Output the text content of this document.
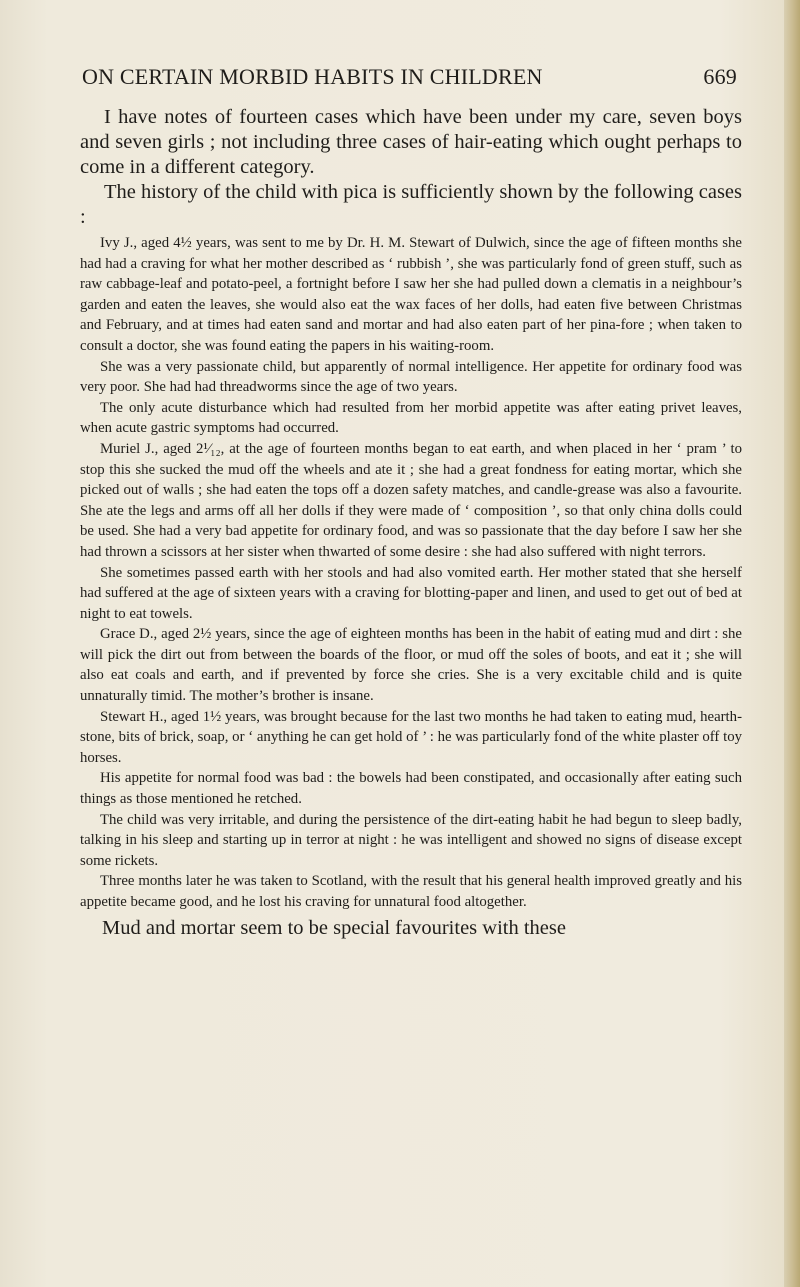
ON CERTAIN MORBID HABITS IN CHILDREN	669

I have notes of fourteen cases which have been under my care, seven boys and seven girls ; not including three cases of hair-eating which ought perhaps to come in a different category.

The history of the child with pica is sufficiently shown by the following cases :

Ivy J., aged 4½ years, was sent to me by Dr. H. M. Stewart of Dulwich, since the age of fifteen months she had had a craving for what her mother described as ‘ rubbish ’, she was particularly fond of green stuff, such as raw cabbage-leaf and potato-peel, a fortnight before I saw her she had pulled down a clematis in a neighbour’s garden and eaten the leaves, she would also eat the wax faces of her dolls, had eaten five between Christmas and February, and at times had eaten sand and mortar and had also eaten part of her pina-fore ; when taken to consult a doctor, she was found eating the papers in his waiting-room.

She was a very passionate child, but apparently of normal intelligence. Her appetite for ordinary food was very poor. She had had threadworms since the age of two years.

The only acute disturbance which had resulted from her morbid appetite was after eating privet leaves, when acute gastric symptoms had occurred.

Muriel J., aged 2¹⁄₁₂, at the age of fourteen months began to eat earth, and when placed in her ‘ pram ’ to stop this she sucked the mud off the wheels and ate it ; she had a great fondness for eating mortar, which she picked out of walls ; she had eaten the tops off a dozen safety matches, and candle-grease was also a favourite. She ate the legs and arms off all her dolls if they were made of ‘ composition ’, so that only china dolls could be used. She had a very bad appetite for ordinary food, and was so passionate that the day before I saw her she had thrown a scissors at her sister when thwarted of some desire : she had also suffered with night terrors.

She sometimes passed earth with her stools and had also vomited earth. Her mother stated that she herself had suffered at the age of sixteen years with a craving for blotting-paper and linen, and used to get out of bed at night to eat towels.

Grace D., aged 2½ years, since the age of eighteen months has been in the habit of eating mud and dirt : she will pick the dirt out from between the boards of the floor, or mud off the soles of boots, and eat it ; she will also eat coals and earth, and if prevented by force she cries. She is a very excitable child and is quite unnaturally timid. The mother’s brother is insane.

Stewart H., aged 1½ years, was brought because for the last two months he had taken to eating mud, hearth-stone, bits of brick, soap, or ‘ anything he can get hold of ’ : he was particularly fond of the white plaster off toy horses.

His appetite for normal food was bad : the bowels had been constipated, and occasionally after eating such things as those mentioned he retched.

The child was very irritable, and during the persistence of the dirt-eating habit he had begun to sleep badly, talking in his sleep and starting up in terror at night : he was intelligent and showed no signs of disease except some rickets.

Three months later he was taken to Scotland, with the result that his general health improved greatly and his appetite became good, and he lost his craving for unnatural food altogether.

Mud and mortar seem to be special favourites with these
